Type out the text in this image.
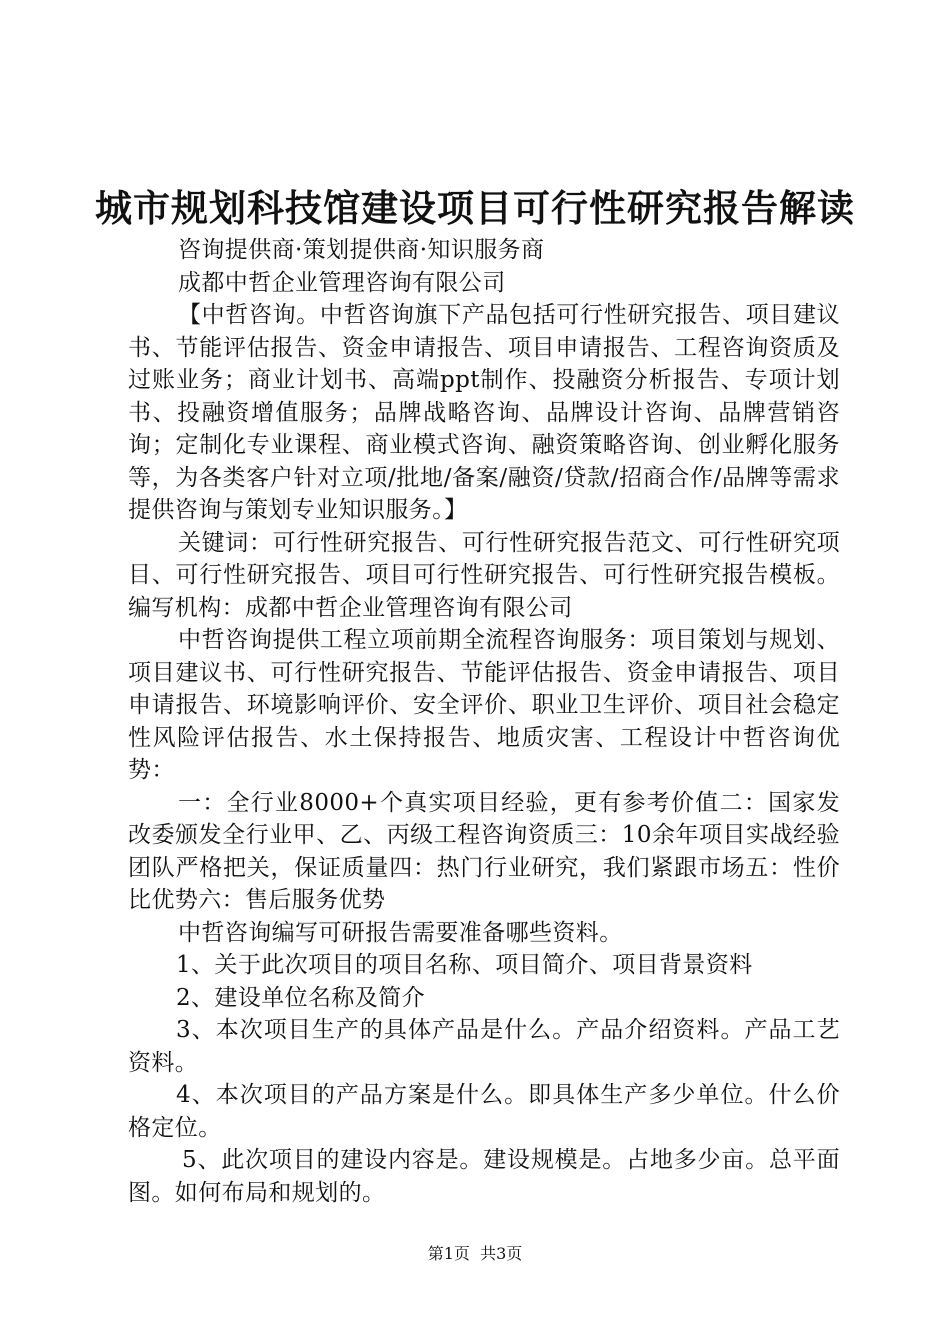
城市规划科技馆建设项目可行性研究报告解读

咨询提供商·策划提供商·知识服务商

成都中哲企业管理咨询有限公司

【中哲咨询。中哲咨询旗下产品包括可行性研究报告、项目建议书、节能评估报告、资金申请报告、项目申请报告、工程咨询资质及过账业务；商业计划书、高端ppt制作、投融资分析报告、专项计划书、投融资增值服务；品牌战略咨询、品牌设计咨询、品牌营销咨询；定制化专业课程、商业模式咨询、融资策略咨询、创业孵化服务等，为各类客户针对立项/批地/备案/融资/贷款/招商合作/品牌等需求提供咨询与策划专业知识服务。】

关键词：可行性研究报告、可行性研究报告范文、可行性研究项目、可行性研究报告、项目可行性研究报告、可行性研究报告模板。编写机构：成都中哲企业管理咨询有限公司

中哲咨询提供工程立项前期全流程咨询服务：项目策划与规划、项目建议书、可行性研究报告、节能评估报告、资金申请报告、项目申请报告、环境影响评价、安全评价、职业卫生评价、项目社会稳定性风险评估报告、水土保持报告、地质灾害、工程设计中哲咨询优势：

一：全行业8000+个真实项目经验，更有参考价值二：国家发改委颁发全行业甲、乙、丙级工程咨询资质三：10余年项目实战经验团队严格把关，保证质量四：热门行业研究，我们紧跟市场五：性价比优势六：售后服务优势

中哲咨询编写可研报告需要准备哪些资料。

1、关于此次项目的项目名称、项目简介、项目背景资料

2、建设单位名称及简介

3、本次项目生产的具体产品是什么。产品介绍资料。产品工艺资料。

4、本次项目的产品方案是什么。即具体生产多少单位。什么价格定位。

5、此次项目的建设内容是。建设规模是。占地多少亩。总平面图。如何布局和规划的。

第1页  共3页
